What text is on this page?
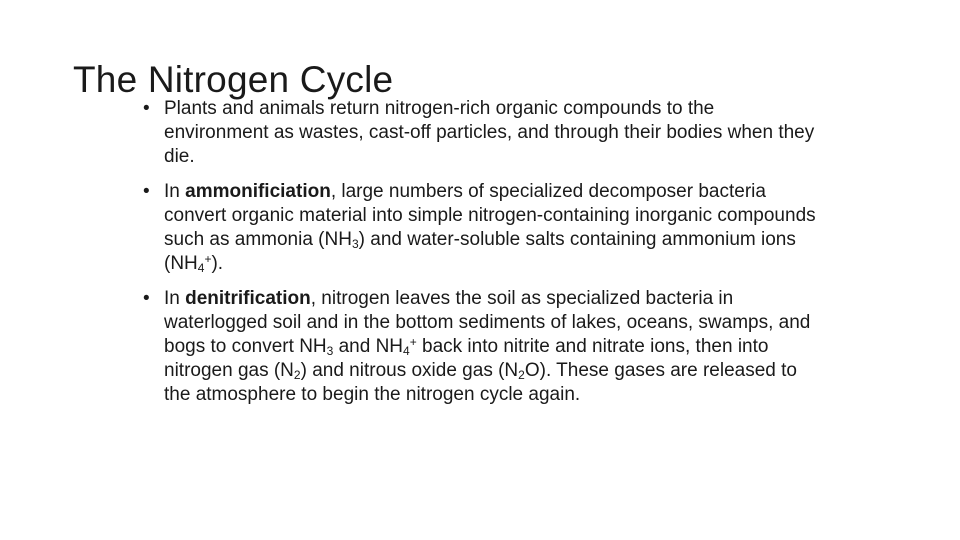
The Nitrogen Cycle
• Plants and animals return nitrogen-rich organic compounds to the environment as wastes, cast-off particles, and through their bodies when they die.
• In ammonificiation, large numbers of specialized decomposer bacteria convert organic material into simple nitrogen-containing inorganic compounds such as ammonia $(NH_3)$ and water-soluble salts containing ammonium ions $(NH_4^+)$.
• In denitrification, nitrogen leaves the soil as specialized bacteria in waterlogged soil and in the bottom sediments of lakes, oceans, swamps, and bogs to convert $NH_3$ and $NH_4^+$ back into nitrite and nitrate ions, then into nitrogen gas $(N_2)$ and nitrous oxide gas $(N_2O)$. These gases are released to the atmosphere to begin the nitrogen cycle again.
